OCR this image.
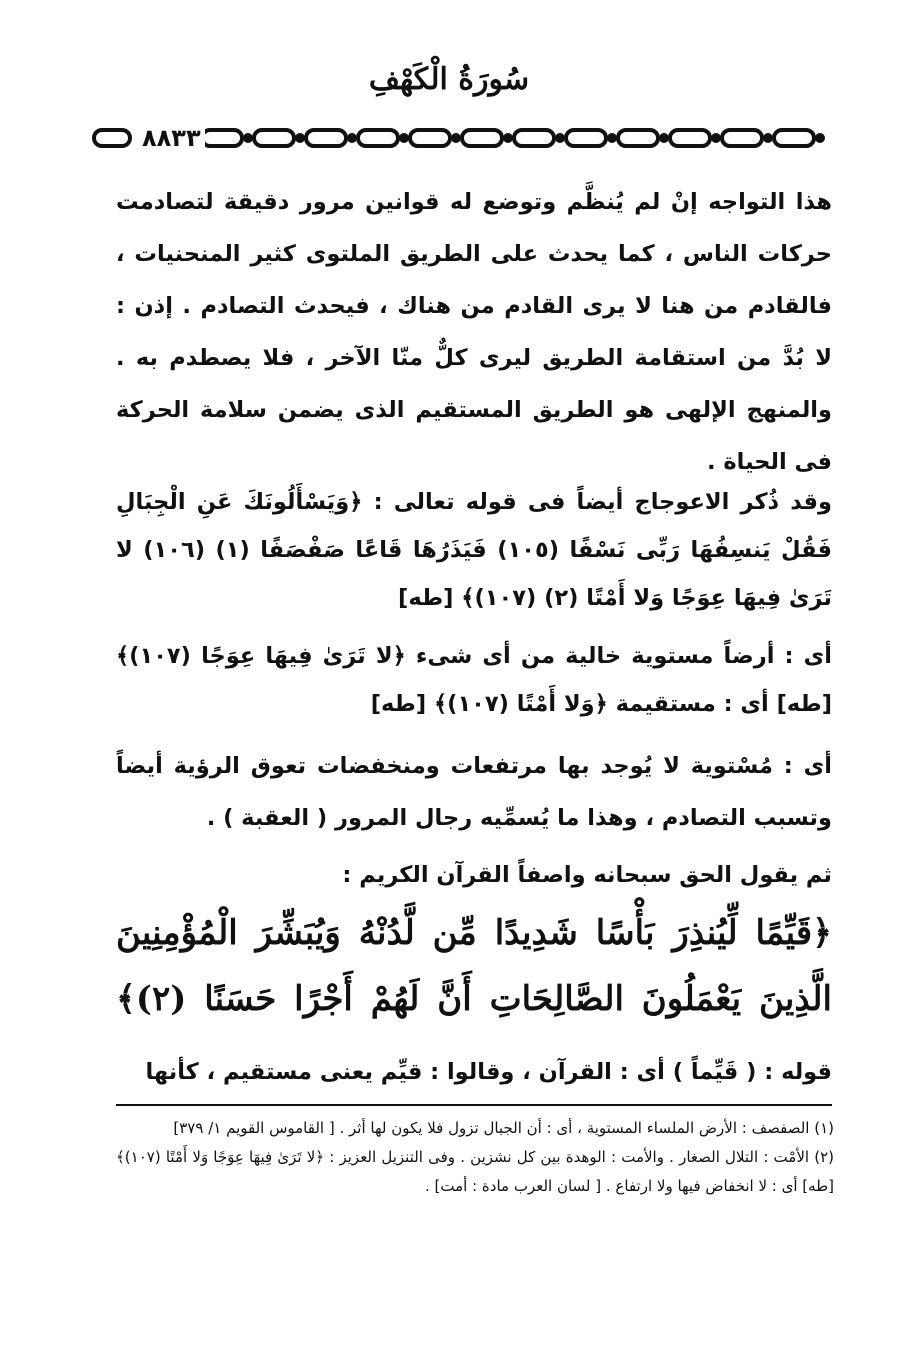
سُورَةُ الْكَهْفِ
٨٨٣٣
هذا التواجه إنْ لم يُنظَّم وتوضع له قوانين مرور دقيقة لتصادمت حركات الناس ، كما يحدث على الطريق الملتوى كثير المنحنيات ، فالقادم من هنا لا يرى القادم من هناك ، فيحدث التصادم . إذن : لا بُدَّ من استقامة الطريق ليرى كلٌّ منّا الآخر ، فلا يصطدم به . والمنهج الإلهى هو الطريق المستقيم الذى يضمن سلامة الحركة فى الحياة .
وقد ذُكر الاعوجاج أيضاً فى قوله تعالى : ﴿وَيَسْأَلُونَكَ عَنِ الْجِبَالِ فَقُلْ يَنسِفُهَا رَبِّى نَسْفًا (١٠٥) فَيَذَرُهَا قَاعًا صَفْصَفًا (١) (١٠٦) لا تَرَىٰ فِيهَا عِوَجًا وَلا أَمْتًا (٢) (١٠٧)﴾ [طه]
أى : أرضاً مستوية خالية من أى شىء ﴿لا تَرَىٰ فِيهَا عِوَجًا (١٠٧)﴾ [طه] أى : مستقيمة ﴿وَلا أَمْتًا (١٠٧)﴾ [طه]
أى : مُسْتوية لا يُوجد بها مرتفعات ومنخفضات تعوق الرؤية أيضاً وتسبب التصادم ، وهذا ما يُسمِّيه رجال المرور ( العقبة ) .
ثم يقول الحق سبحانه واصفاً القرآن الكريم :
﴿قَيِّمًا لِّيُنذِرَ بَأْسًا شَدِيدًا مِّن لَّدُنْهُ وَيُبَشِّرَ الْمُؤْمِنِينَ الَّذِينَ يَعْمَلُونَ الصَّالِحَاتِ أَنَّ لَهُمْ أَجْرًا حَسَنًا (٢)﴾
قوله : ( قَيِّماً ) أى : القرآن ، وقالوا : قيِّم يعنى مستقيم ، كأنها

(١) الصفصف : الأرض الملساء المستوية ، أى : أن الجبال تزول فلا يكون لها أثر . [ القاموس القويم ١/ ٣٧٩]

(٢) الأمْت : التلال الصغار . والأمت : الوهدة بين كل نشزين . وفى التنزيل العزيز : ﴿لا تَرَىٰ فِيهَا عِوَجًا وَلا أَمْتًا (١٠٧)﴾ [طه] أى : لا انخفاض فيها ولا ارتفاع . [ لسان العرب مادة : أمت] .
